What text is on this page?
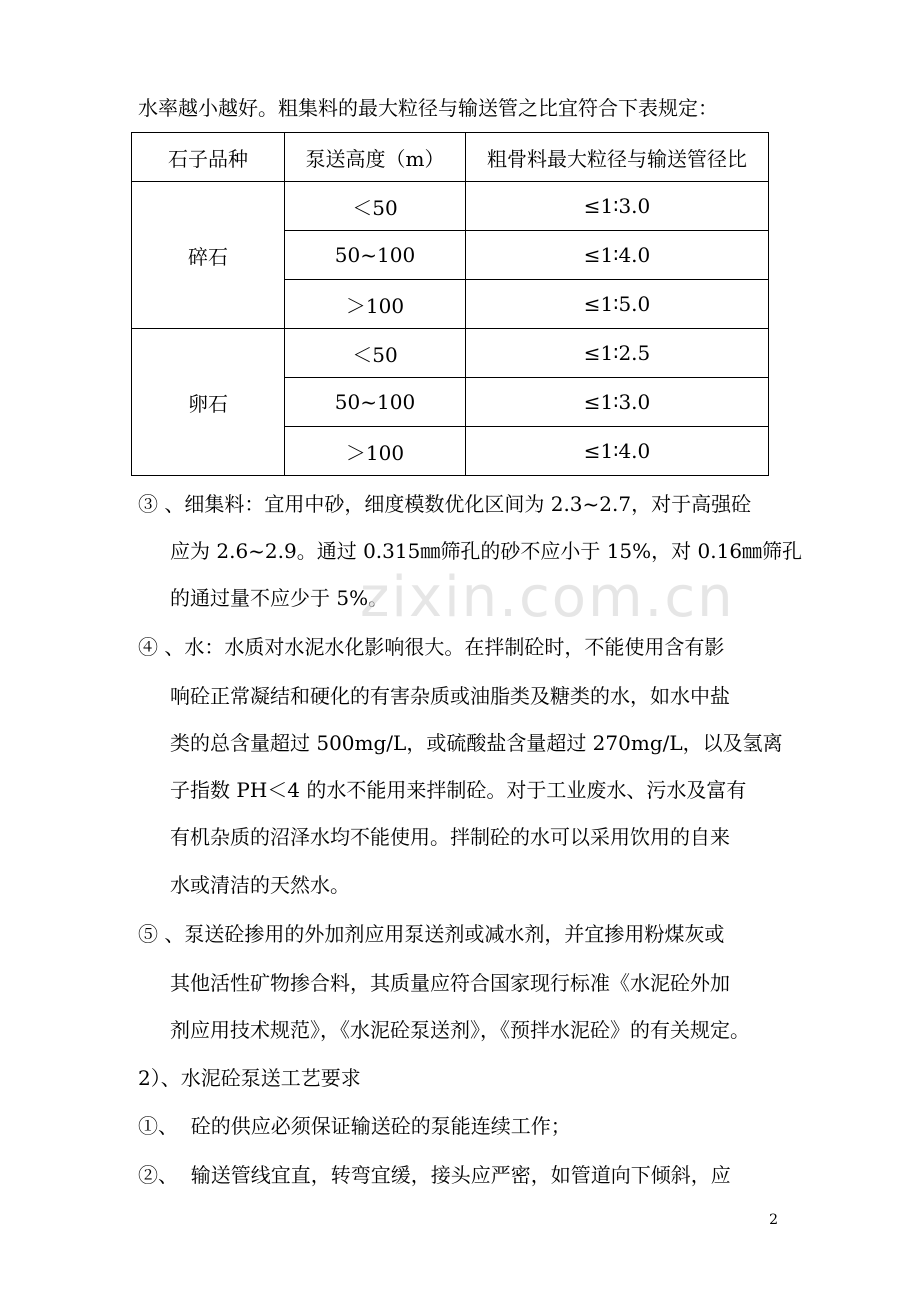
水率越小越好。粗集料的最大粒径与输送管之比宜符合下表规定：
石子品种	泵送高度（m）	粗骨料最大粒径与输送管径比
碎石	＜50	≤1∶3.0
	50~100	≤1∶4.0
	＞100	≤1∶5.0
卵石	＜50	≤1∶2.5
	50~100	≤1∶3.0
	＞100	≤1∶4.0
③ 、细集料：宜用中砂，细度模数优化区间为 2.3~2.7，对于高强砼
应为 2.6~2.9。通过 0.315㎜筛孔的砂不应小于 15%，对 0.16㎜筛孔
的通过量不应少于 5%。
zixin.com.cn
④ 、水：水质对水泥水化影响很大。在拌制砼时，不能使用含有影
响砼正常凝结和硬化的有害杂质或油脂类及糖类的水，如水中盐
类的总含量超过 500mg/L，或硫酸盐含量超过 270mg/L，以及氢离
子指数 PH＜4 的水不能用来拌制砼。对于工业废水、污水及富有
有机杂质的沼泽水均不能使用。拌制砼的水可以采用饮用的自来
水或清洁的天然水。
⑤ 、泵送砼掺用的外加剂应用泵送剂或减水剂，并宜掺用粉煤灰或
其他活性矿物掺合料，其质量应符合国家现行标准《水泥砼外加
剂应用技术规范》，《水泥砼泵送剂》，《预拌水泥砼》的有关规定。
2）、水泥砼泵送工艺要求
①、  砼的供应必须保证输送砼的泵能连续工作；
②、  输送管线宜直，转弯宜缓，接头应严密，如管道向下倾斜，应
2
